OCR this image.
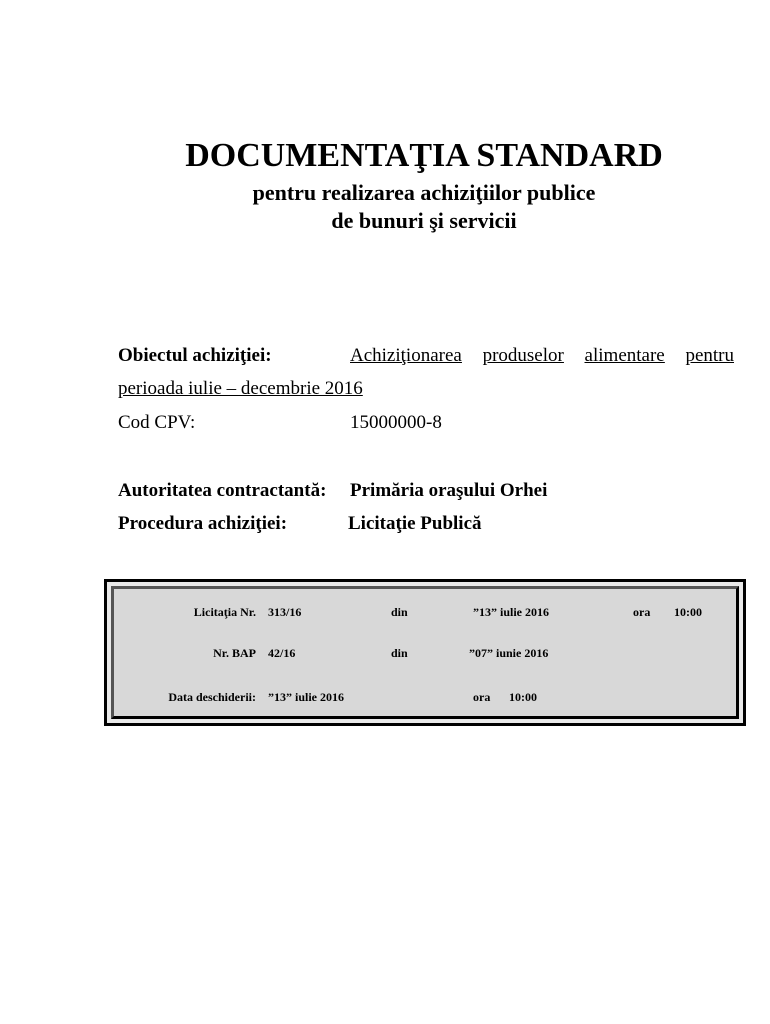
DOCUMENTAŢIA STANDARD
pentru realizarea achiziţiilor publice
de bunuri şi servicii
Obiectul achiziţiei:	Achiziţionarea produselor alimentare pentru
perioada iulie – decembrie 2016
Cod CPV:	15000000-8
Autoritatea contractantă: Primăria oraşului Orhei
Procedura achiziţiei:	Licitaţie Publică
Licitaţia Nr. 313/16	din	”13” iulie 2016	ora 10:00
Nr. BAP 42/16	din	”07” iunie 2016
Data deschiderii: ”13” iulie 2016	ora 10:00
